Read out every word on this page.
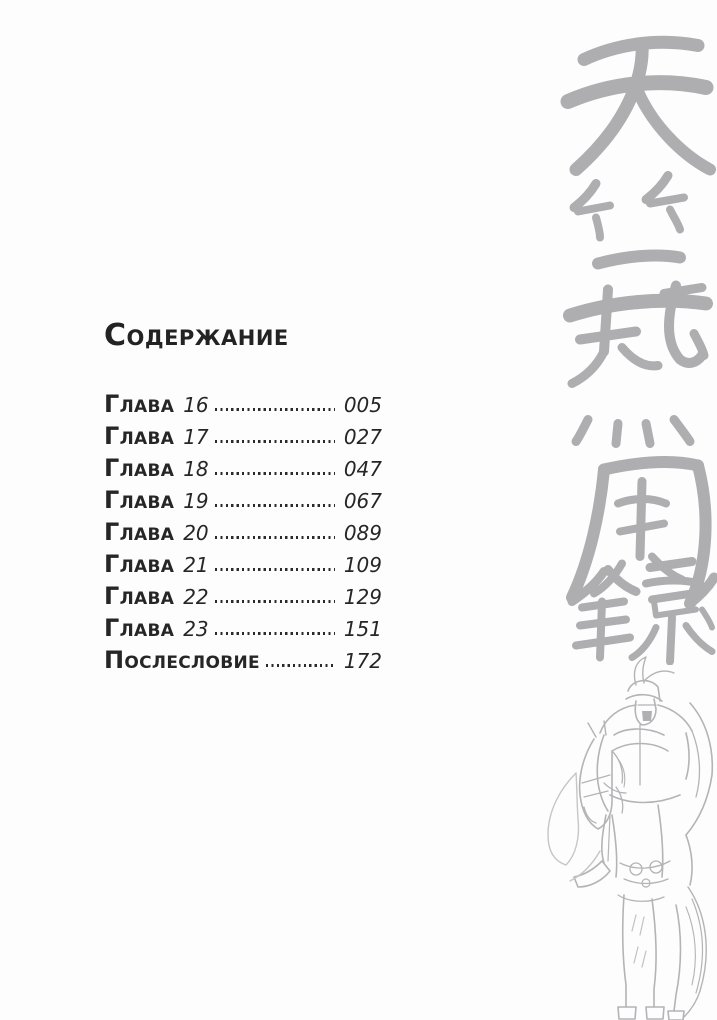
Содержание
Глава 16	005
Глава 17	027
Глава 18	047
Глава 19	067
Глава 20	089
Глава 21	109
Глава 22	129
Глава 23	151
Послесловие	172
